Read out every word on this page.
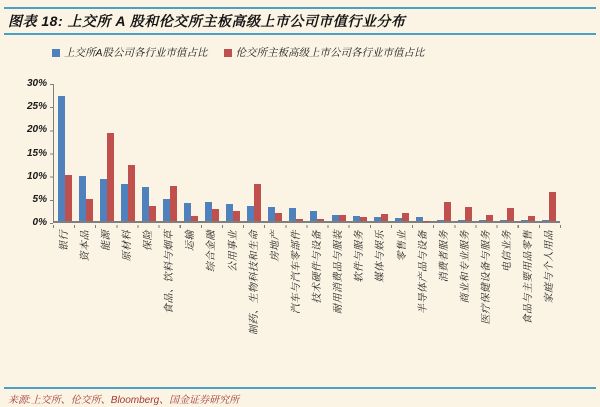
图表 18: 上交所 A 股和伦交所主板高级上市公司市值行业分布
上交所A股公司各行业市值占比	伦交所主板高级上市公司各行业市值占比
0%
5%
10%
15%
20%
25%
30%
银行 资本品 能源 原材料 保险 食品、饮料与烟草 运输 综合金融 公用事业 制药、生物科技和生命 房地产 汽车与汽车零部件 技术硬件与设备 耐用消费品与服装 软件与服务 媒体与娱乐 零售业 半导体产品与设备 消费者服务 商业和专业服务 医疗保健设备与服务 电信业务 食品与主要用品零售 家庭与个人用品
来源:上交所、伦交所、Bloomberg、国金证券研究所
